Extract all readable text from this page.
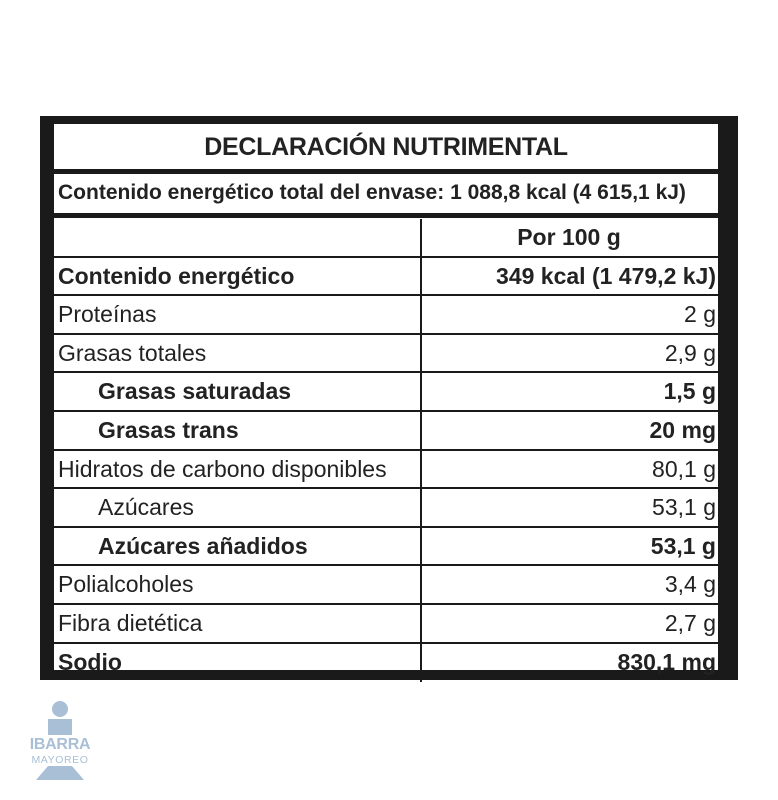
DECLARACIÓN NUTRIMENTAL
Contenido energético total del envase: 1 088,8 kcal (4 615,1 kJ)
Por 100 g
Contenido energético	349 kcal (1 479,2 kJ)
Proteínas	2 g
Grasas totales	2,9 g
Grasas saturadas	1,5 g
Grasas trans	20 mg
Hidratos de carbono disponibles	80,1 g
Azúcares	53,1 g
Azúcares añadidos	53,1 g
Polialcoholes	3,4 g
Fibra dietética	2,7 g
Sodio	830,1 mg
IBARRA
MAYOREO
